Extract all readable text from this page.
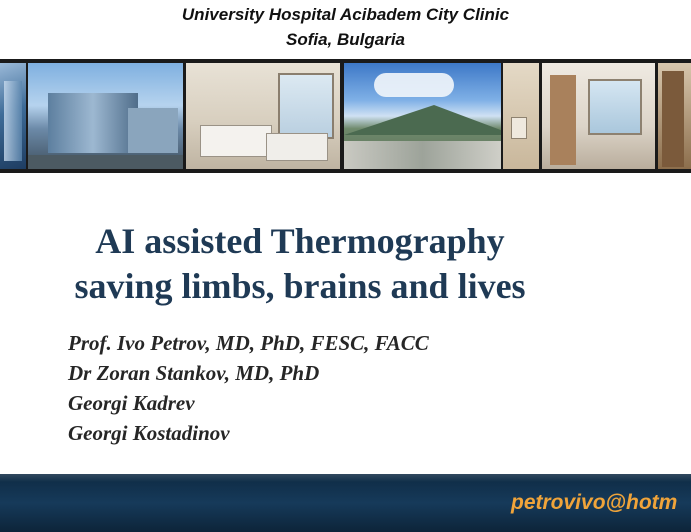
University Hospital Acibadem City Clinic
Sofia, Bulgaria
AI assisted Thermography
saving limbs, brains and lives
Prof. Ivo Petrov, MD, PhD, FESC, FACC
Dr Zoran Stankov, MD, PhD
Georgi Kadrev
Georgi Kostadinov
petrovivo@hotm
